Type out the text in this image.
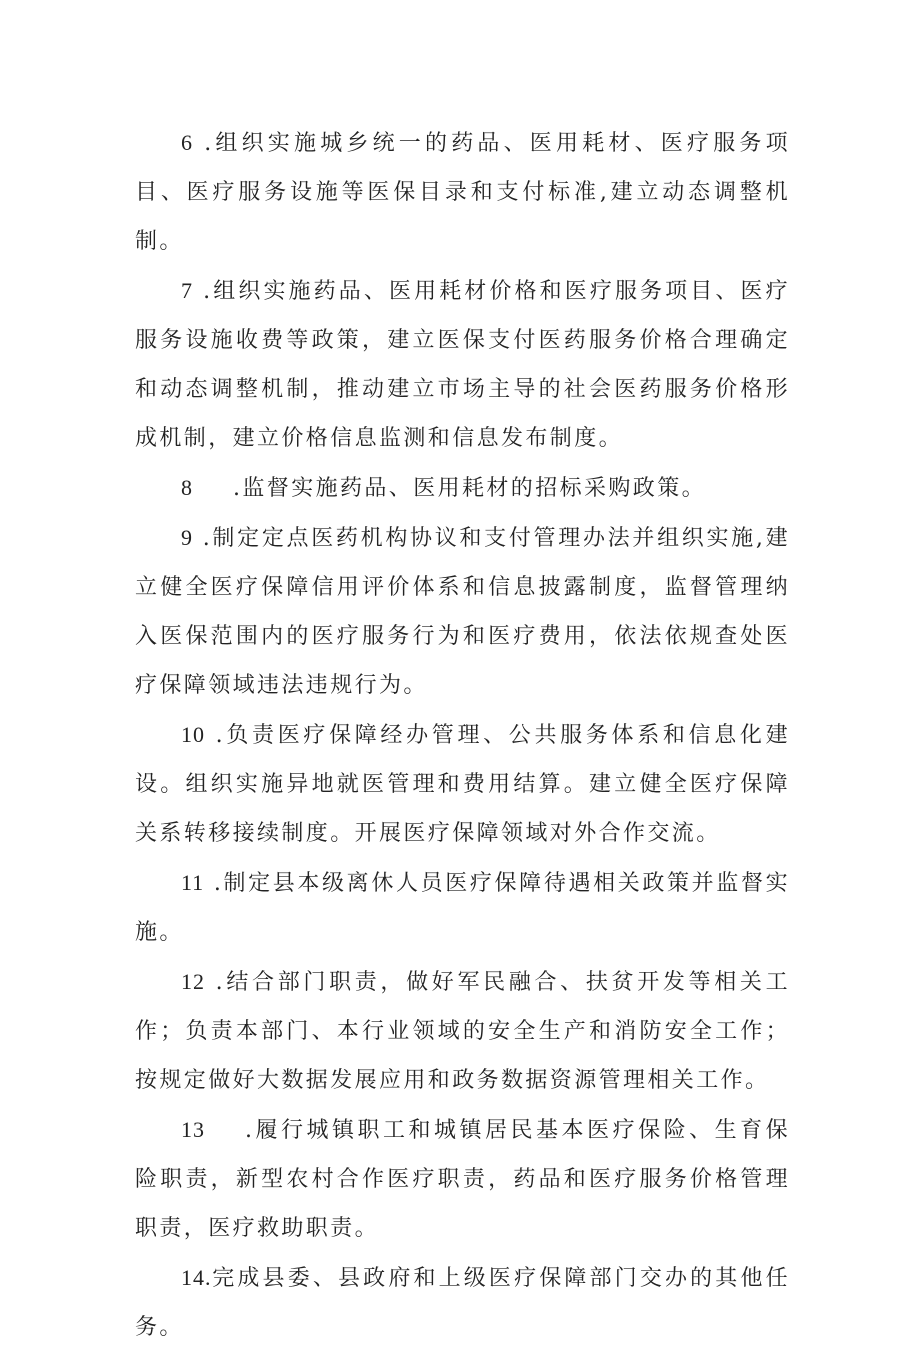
6 .组织实施城乡统一的药品、医用耗材、医疗服务项目、医疗服务设施等医保目录和支付标准,建立动态调整机制。

7 .组织实施药品、医用耗材价格和医疗服务项目、医疗服务设施收费等政策，建立医保支付医药服务价格合理确定和动态调整机制，推动建立市场主导的社会医药服务价格形成机制，建立价格信息监测和信息发布制度。

8 .监督实施药品、医用耗材的招标采购政策。

9 .制定定点医药机构协议和支付管理办法并组织实施,建立健全医疗保障信用评价体系和信息披露制度，监督管理纳入医保范围内的医疗服务行为和医疗费用，依法依规查处医疗保障领域违法违规行为。

10 .负责医疗保障经办管理、公共服务体系和信息化建设。组织实施异地就医管理和费用结算。建立健全医疗保障关系转移接续制度。开展医疗保障领域对外合作交流。

11 .制定县本级离休人员医疗保障待遇相关政策并监督实施。

12 .结合部门职责，做好军民融合、扶贫开发等相关工作；负责本部门、本行业领域的安全生产和消防安全工作；按规定做好大数据发展应用和政务数据资源管理相关工作。

13 .履行城镇职工和城镇居民基本医疗保险、生育保险职责，新型农村合作医疗职责，药品和医疗服务价格管理职责，医疗救助职责。

14.完成县委、县政府和上级医疗保障部门交办的其他任务。
